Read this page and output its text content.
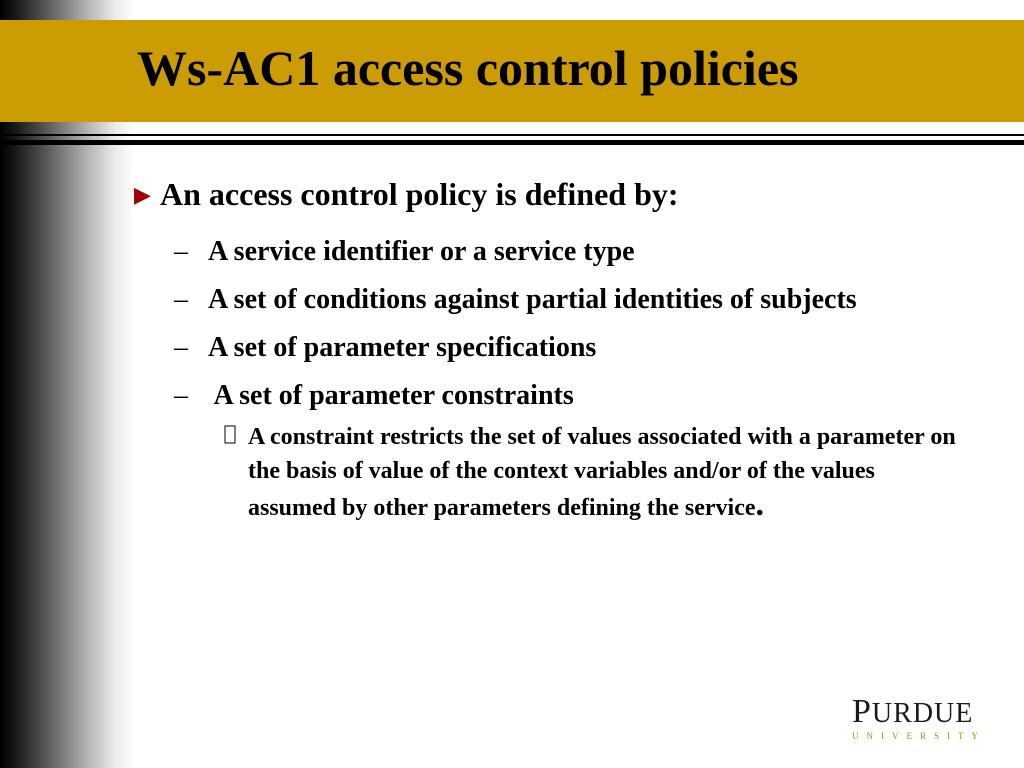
Ws-AC1 access control policies
▶ An access control policy is defined by:
– A service identifier or a service type
– A set of conditions against partial identities of subjects
– A set of parameter specifications
– A set of parameter constraints
A constraint restricts the set of values associated with a parameter on the basis of value of the context variables and/or of the values assumed by other parameters defining the service.
PURDUE
UNIVERSITY
